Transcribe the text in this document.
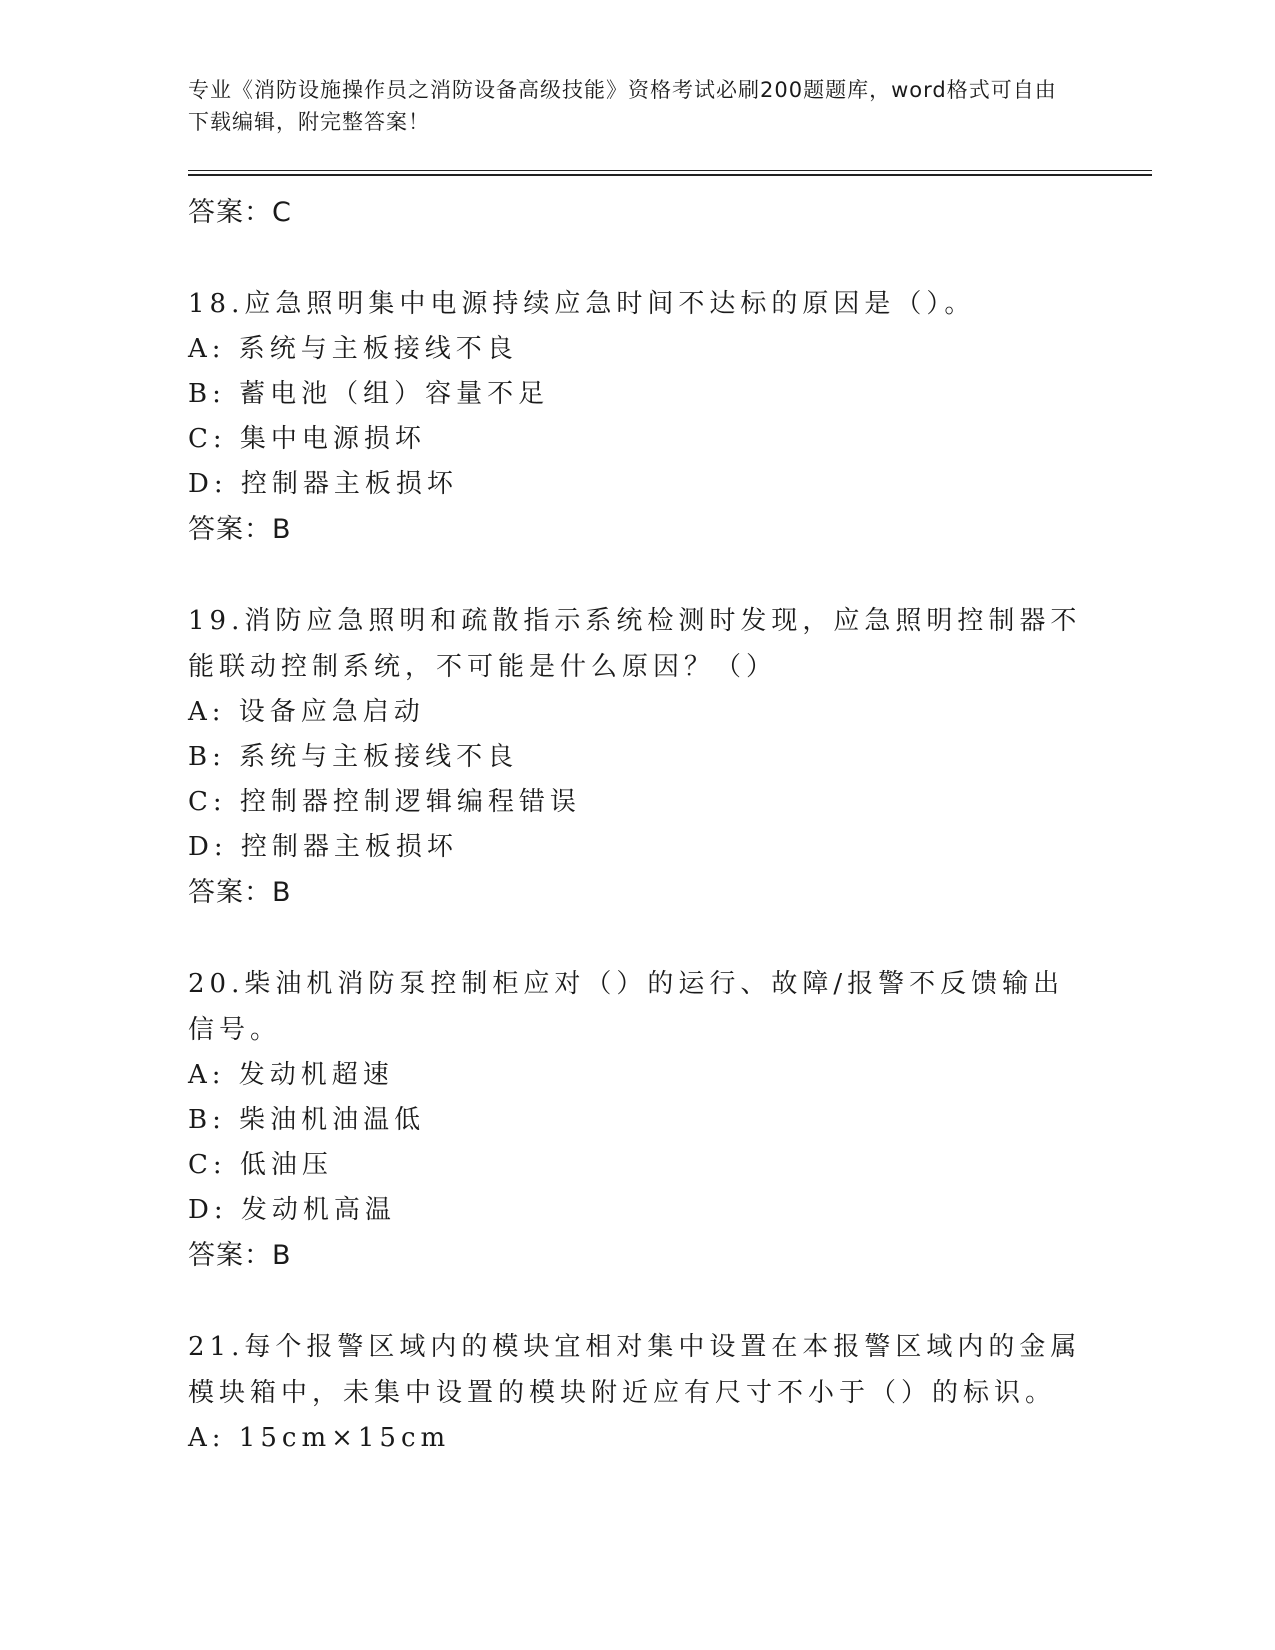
专业《消防设施操作员之消防设备高级技能》资格考试必刷200题题库，word格式可自由下载编辑，附完整答案！
答案：C
18.应急照明集中电源持续应急时间不达标的原因是（）。
A: 系统与主板接线不良
B: 蓄电池（组）容量不足
C: 集中电源损坏
D: 控制器主板损坏
答案：B
19.消防应急照明和疏散指示系统检测时发现，应急照明控制器不能联动控制系统，不可能是什么原因？（）
A: 设备应急启动
B: 系统与主板接线不良
C: 控制器控制逻辑编程错误
D: 控制器主板损坏
答案：B
20.柴油机消防泵控制柜应对（）的运行、故障/报警不反馈输出信号。
A: 发动机超速
B: 柴油机油温低
C: 低油压
D: 发动机高温
答案：B
21.每个报警区域内的模块宜相对集中设置在本报警区域内的金属模块箱中，未集中设置的模块附近应有尺寸不小于（）的标识。
A: 15cm×15cm
